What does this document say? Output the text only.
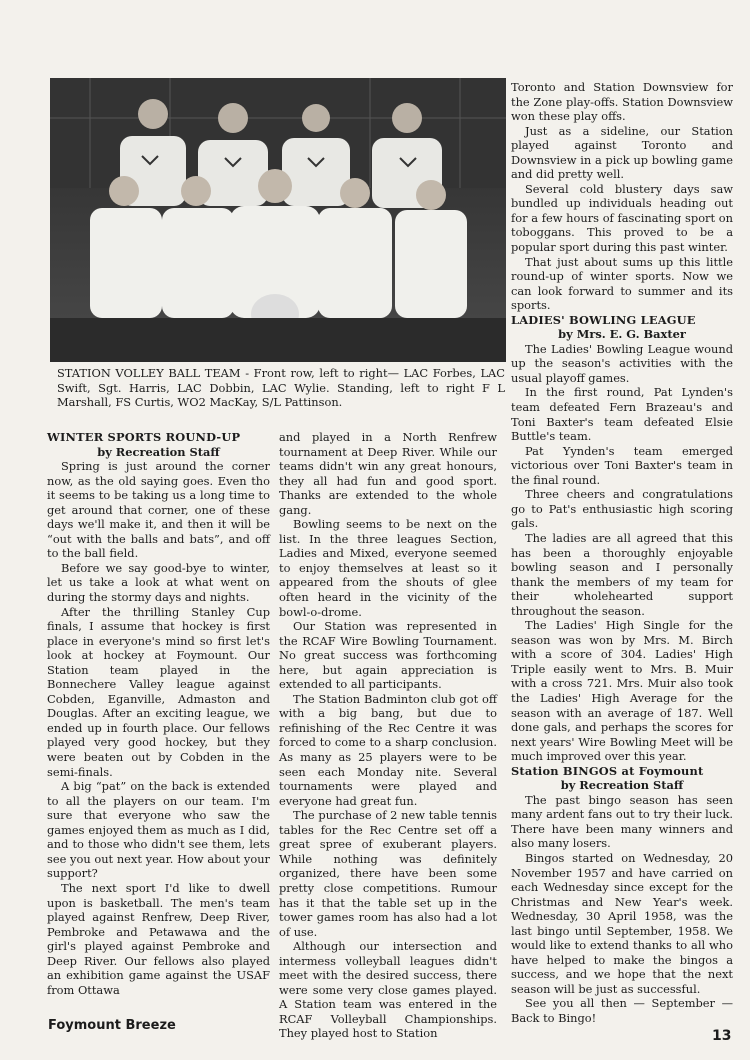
STATION VOLLEY BALL TEAM - Front row, left to right— LAC Forbes, LAC Swift, Sgt. Harris, LAC Dobbin, LAC Wylie. Standing, left to right F L Marshall, FS Curtis, WO2 MacKay, S/L Pattinson.

WINTER SPORTS ROUND-UP

by Recreation Staff

Spring is just around the corner now, as the old saying goes. Even tho it seems to be taking us a long time to get around that corner, one of these days we'll make it, and then it will be “out with the balls and bats”, and off to the ball field.

Before we say good-bye to winter, let us take a look at what went on during the stormy days and nights.

After the thrilling Stanley Cup finals, I assume that hockey is first place in everyone's mind so first let's look at hockey at Foymount. Our Station team played in the Bonnechere Valley league against Cobden, Eganville, Admaston and Douglas. After an exciting league, we ended up in fourth place. Our fellows played very good hockey, but they were beaten out by Cobden in the semi-finals.

A big “pat” on the back is extended to all the players on our team. I'm sure that everyone who saw the games enjoyed them as much as I did, and to those who didn't see them, lets see you out next year. How about your support?

The next sport I'd like to dwell upon is basketball. The men's team played against Renfrew, Deep River, Pembroke and Petawawa and the girl's played against Pembroke and Deep River. Our fellows also played an exhibition game against the USAF from Ottawa

and played in a North Renfrew tournament at Deep River. While our teams didn't win any great honours, they all had fun and good sport. Thanks are extended to the whole gang.

Bowling seems to be next on the list. In the three leagues Section, Ladies and Mixed, everyone seemed to enjoy themselves at least so it appeared from the shouts of glee often heard in the vicinity of the bowl-o-drome.

Our Station was represented in the RCAF Wire Bowling Tournament. No great success was forthcoming here, but again appreciation is extended to all participants.

The Station Badminton club got off with a big bang, but due to refinishing of the Rec Centre it was forced to come to a sharp conclusion. As many as 25 players were to be seen each Monday nite. Several tournaments were played and everyone had great fun.

The purchase of 2 new table tennis tables for the Rec Centre set off a great spree of exuberant players. While nothing was definitely organized, there have been some pretty close competitions. Rumour has it that the table set up in the tower games room has also had a lot of use.

Although our intersection and intermess volleyball leagues didn't meet with the desired success, there were some very close games played. A Station team was entered in the RCAF Volleyball Championships. They played host to Station

Toronto and Station Downsview for the Zone play-offs. Station Downsview won these play offs.

Just as a sideline, our Station played against Toronto and Downsview in a pick up bowling game and did pretty well.

Several cold blustery days saw bundled up individuals heading out for a few hours of fascinating sport on toboggans. This proved to be a popular sport during this past winter.

That just about sums up this little round-up of winter sports. Now we can look forward to summer and its sports.

LADIES' BOWLING LEAGUE

by Mrs. E. G. Baxter

The Ladies' Bowling League wound up the season's activities with the usual playoff games.

In the first round, Pat Lynden's team defeated Fern Brazeau's and Toni Baxter's team defeated Elsie Buttle's team.

Pat Yynden's team emerged victorious over Toni Baxter's team in the final round.

Three cheers and congratulations go to Pat's enthusiastic high scoring gals.

The ladies are all agreed that this has been a thoroughly enjoyable bowling season and I personally thank the members of my team for their wholehearted support throughout the season.

The Ladies' High Single for the season was won by Mrs. M. Birch with a score of 304. Ladies' High Triple easily went to Mrs. B. Muir with a cross 721. Mrs. Muir also took the Ladies' High Average for the season with an average of 187. Well done gals, and perhaps the scores for next years' Wire Bowling Meet will be much improved over this year.

Station BINGOS at Foymount

by Recreation Staff

The past bingo season has seen many ardent fans out to try their luck. There have been many winners and also many losers.

Bingos started on Wednesday, 20 November 1957 and have carried on each Wednesday since except for the Christmas and New Year's week. Wednesday, 30 April 1958, was the last bingo until September, 1958. We would like to extend thanks to all who have helped to make the bingos a success, and we hope that the next season will be just as successful.

See you all then — September — Back to Bingo!

Foymount Breeze
13
